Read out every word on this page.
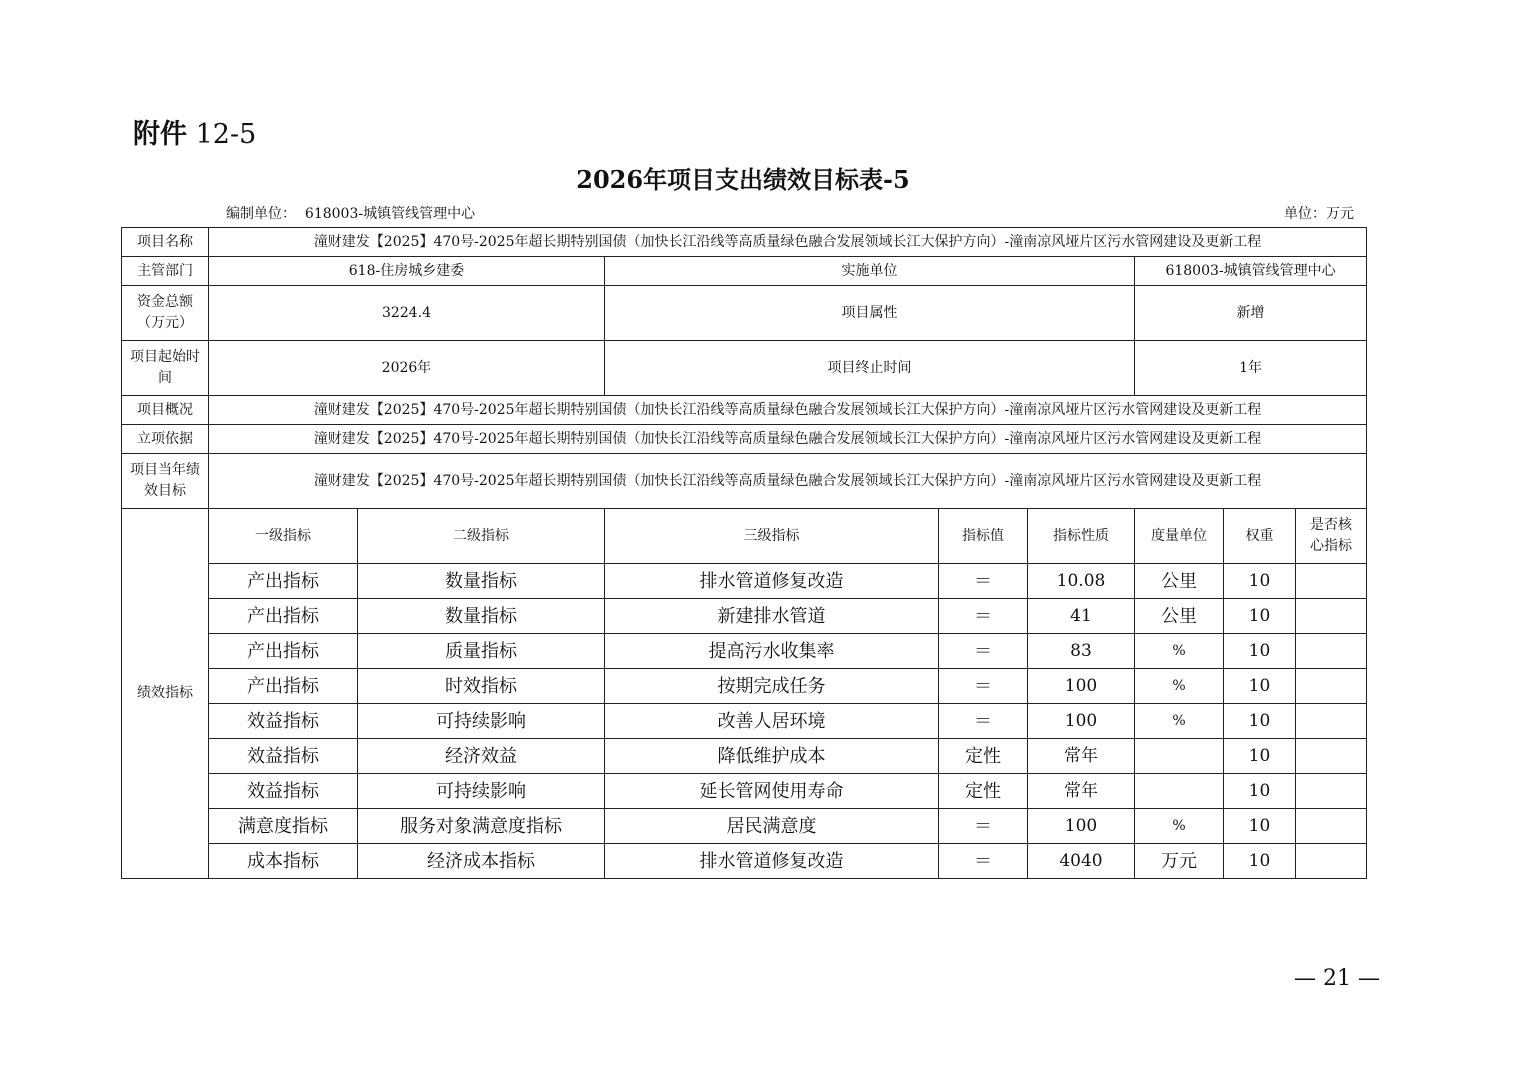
附件 12-5
2026年项目支出绩效目标表-5
编制单位： 618003-城镇管线管理中心	单位：万元
项目名称	潼财建发【2025】470号-2025年超长期特别国债（加快长江沿线等高质量绿色融合发展领域长江大保护方向）-潼南凉风垭片区污水管网建设及更新工程							
主管部门	618-住房城乡建委		实施单位			618003-城镇管线管理中心		
资金总额（万元）	3224.4		项目属性			新增		
项目起始时间	2026年		项目终止时间			1年		
项目概况	潼财建发【2025】470号-2025年超长期特别国债（加快长江沿线等高质量绿色融合发展领域长江大保护方向）-潼南凉风垭片区污水管网建设及更新工程							
立项依据	潼财建发【2025】470号-2025年超长期特别国债（加快长江沿线等高质量绿色融合发展领域长江大保护方向）-潼南凉风垭片区污水管网建设及更新工程							
项目当年绩效目标	潼财建发【2025】470号-2025年超长期特别国债（加快长江沿线等高质量绿色融合发展领域长江大保护方向）-潼南凉风垭片区污水管网建设及更新工程							
绩效指标	一级指标	二级指标	三级指标	指标值	指标性质	度量单位	权重	是否核心指标
	产出指标	数量指标	排水管道修复改造	＝	10.08	公里	10	
	产出指标	数量指标	新建排水管道	＝	41	公里	10	
	产出指标	质量指标	提高污水收集率	＝	83	%	10	
	产出指标	时效指标	按期完成任务	＝	100	%	10	
	效益指标	可持续影响	改善人居环境	＝	100	%	10	
	效益指标	经济效益	降低维护成本	定性	常年		10	
	效益指标	可持续影响	延长管网使用寿命	定性	常年		10	
	满意度指标	服务对象满意度指标	居民满意度	＝	100	%	10	
	成本指标	经济成本指标	排水管道修复改造	＝	4040	万元	10	
— 21 —
